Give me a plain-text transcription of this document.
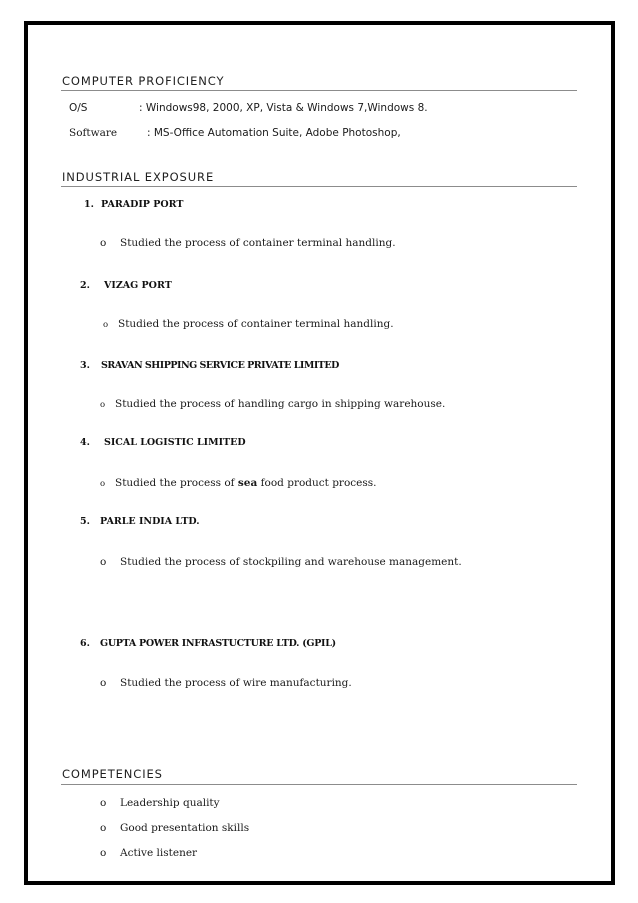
COMPUTER PROFICIENCY
O/S	: Windows98, 2000, XP, Vista & Windows 7,Windows 8.
Software	: MS-Office Automation Suite, Adobe Photoshop,
INDUSTRIAL EXPOSURE
1. PARADIP PORT
o Studied the process of container terminal handling.
2. VIZAG PORT
o Studied the process of container terminal handling.
3. SRAVAN SHIPPING SERVICE PRIVATE LIMITED
o Studied the process of handling cargo in shipping warehouse.
4. SICAL LOGISTIC LIMITED
o Studied the process of sea food product process.
5. PARLE INDIA LTD.
o Studied the process of stockpiling and warehouse management.
6. GUPTA POWER INFRASTUCTURE LTD. (GPIL)
o Studied the process of wire manufacturing.
COMPETENCIES
o Leadership quality
o Good presentation skills
o Active listener
